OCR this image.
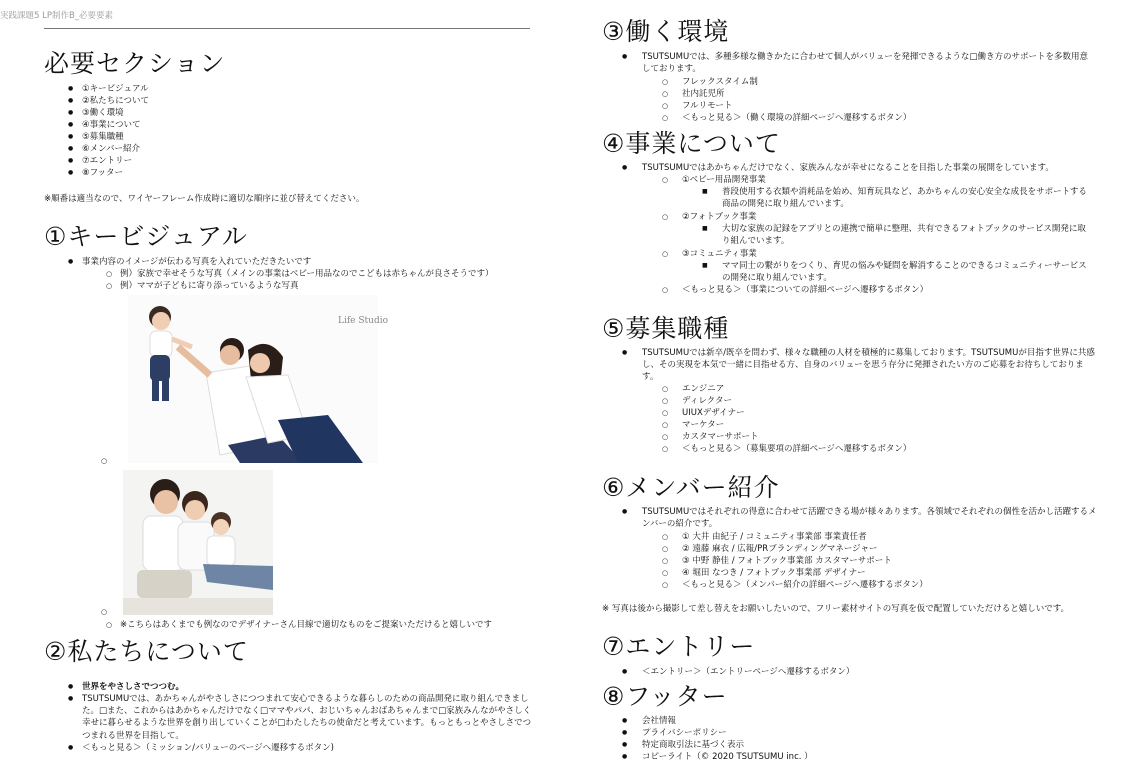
実践課題5 LP制作B_必要要素
必要セクション
● ①キービジュアル
● ②私たちについて
● ③働く環境
● ④事業について
● ⑤募集職種
● ⑥メンバー紹介
● ⑦エントリー
● ⑧フッター
※順番は適当なので、ワイヤーフレーム作成時に適切な順序に並び替えてください。
①キービジュアル
● 事業内容のイメージが伝わる写真を入れていただきたいです
○ 例）家族で幸せそうな写真（メインの事業はベビー用品なのでこどもは赤ちゃんが良さそうです）
○ 例）ママが子どもに寄り添っているような写真
Life Studio
○ ※こちらはあくまでも例なのでデザイナーさん目線で適切なものをご提案いただけると嬉しいです
②私たちについて
● 世界をやさしさでつつむ。
● TSUTSUMUでは、あかちゃんがやさしさにつつまれて安心できるような暮らしのための商品開発に取り組んできました。□また、これからはあかちゃんだけでなく□ママやパパ、おじいちゃんおばあちゃんまで□家族みんながやさしく幸せに暮らせるような世界を創り出していくことが□わたしたちの使命だと考えています。もっともっとやさしさでつつまれる世界を目指して。
● ＜もっと見る＞（ミッション/バリューのページへ遷移するボタン)
③働く環境
● TSUTSUMUでは、多種多様な働きかたに合わせて個人がバリューを発揮できるような□働き方のサポートを多数用意しております。
○ フレックスタイム制
○ 社内託児所
○ フルリモート
○ ＜もっと見る＞（働く環境の詳細ページへ遷移するボタン）
④事業について
● TSUTSUMUではあかちゃんだけでなく、家族みんなが幸せになることを目指した事業の展開をしています。
○ ①ベビー用品開発事業
■ 普段使用する衣類や消耗品を始め、知育玩具など、あかちゃんの安心安全な成長をサポートする商品の開発に取り組んでいます。
○ ②フォトブック事業
■ 大切な家族の記録をアプリとの連携で簡単に整理、共有できるフォトブックのサービス開発に取り組んでいます。
○ ③コミュニティ事業
■ ママ同士の繋がりをつくり、育児の悩みや疑問を解消することのできるコミュニティーサービスの開発に取り組んでいます。
○ ＜もっと見る＞（事業についての詳細ページへ遷移するボタン）
⑤募集職種
● TSUTSUMUでは新卒/既卒を問わず、様々な職種の人材を積極的に募集しております。TSUTSUMUが目指す世界に共感し、その実現を本気で一緒に目指せる方、自身のバリューを思う存分に発揮されたい方のご応募をお待ちしております。
○ エンジニア
○ ディレクター
○ UIUXデザイナー
○ マーケター
○ カスタマーサポート
○ ＜もっと見る＞（募集要項の詳細ページへ遷移するボタン）
⑥メンバー紹介
● TSUTSUMUではそれぞれの得意に合わせて活躍できる場が様々あります。各領域でそれぞれの個性を活かし活躍するメンバーの紹介です。
○ ① 大井 由紀子 / コミュニティ事業部 事業責任者
○ ② 遠藤 麻衣 / 広報/PRブランディングマネージャー
○ ③ 中野 静佳 / フォトブック事業部 カスタマーサポート
○ ④ 堀田 なつき / フォトブック事業部 デザイナー
○ ＜もっと見る＞（メンバー紹介の詳細ページへ遷移するボタン）
※ 写真は後から撮影して差し替えをお願いしたいので、フリー素材サイトの写真を仮で配置していただけると嬉しいです。
⑦エントリー
● ＜エントリー＞（エントリーページへ遷移するボタン）
⑧フッター
● 会社情報
● プライバシーポリシー
● 特定商取引法に基づく表示
● コピーライト（© 2020 TSUTSUMU inc. ）
